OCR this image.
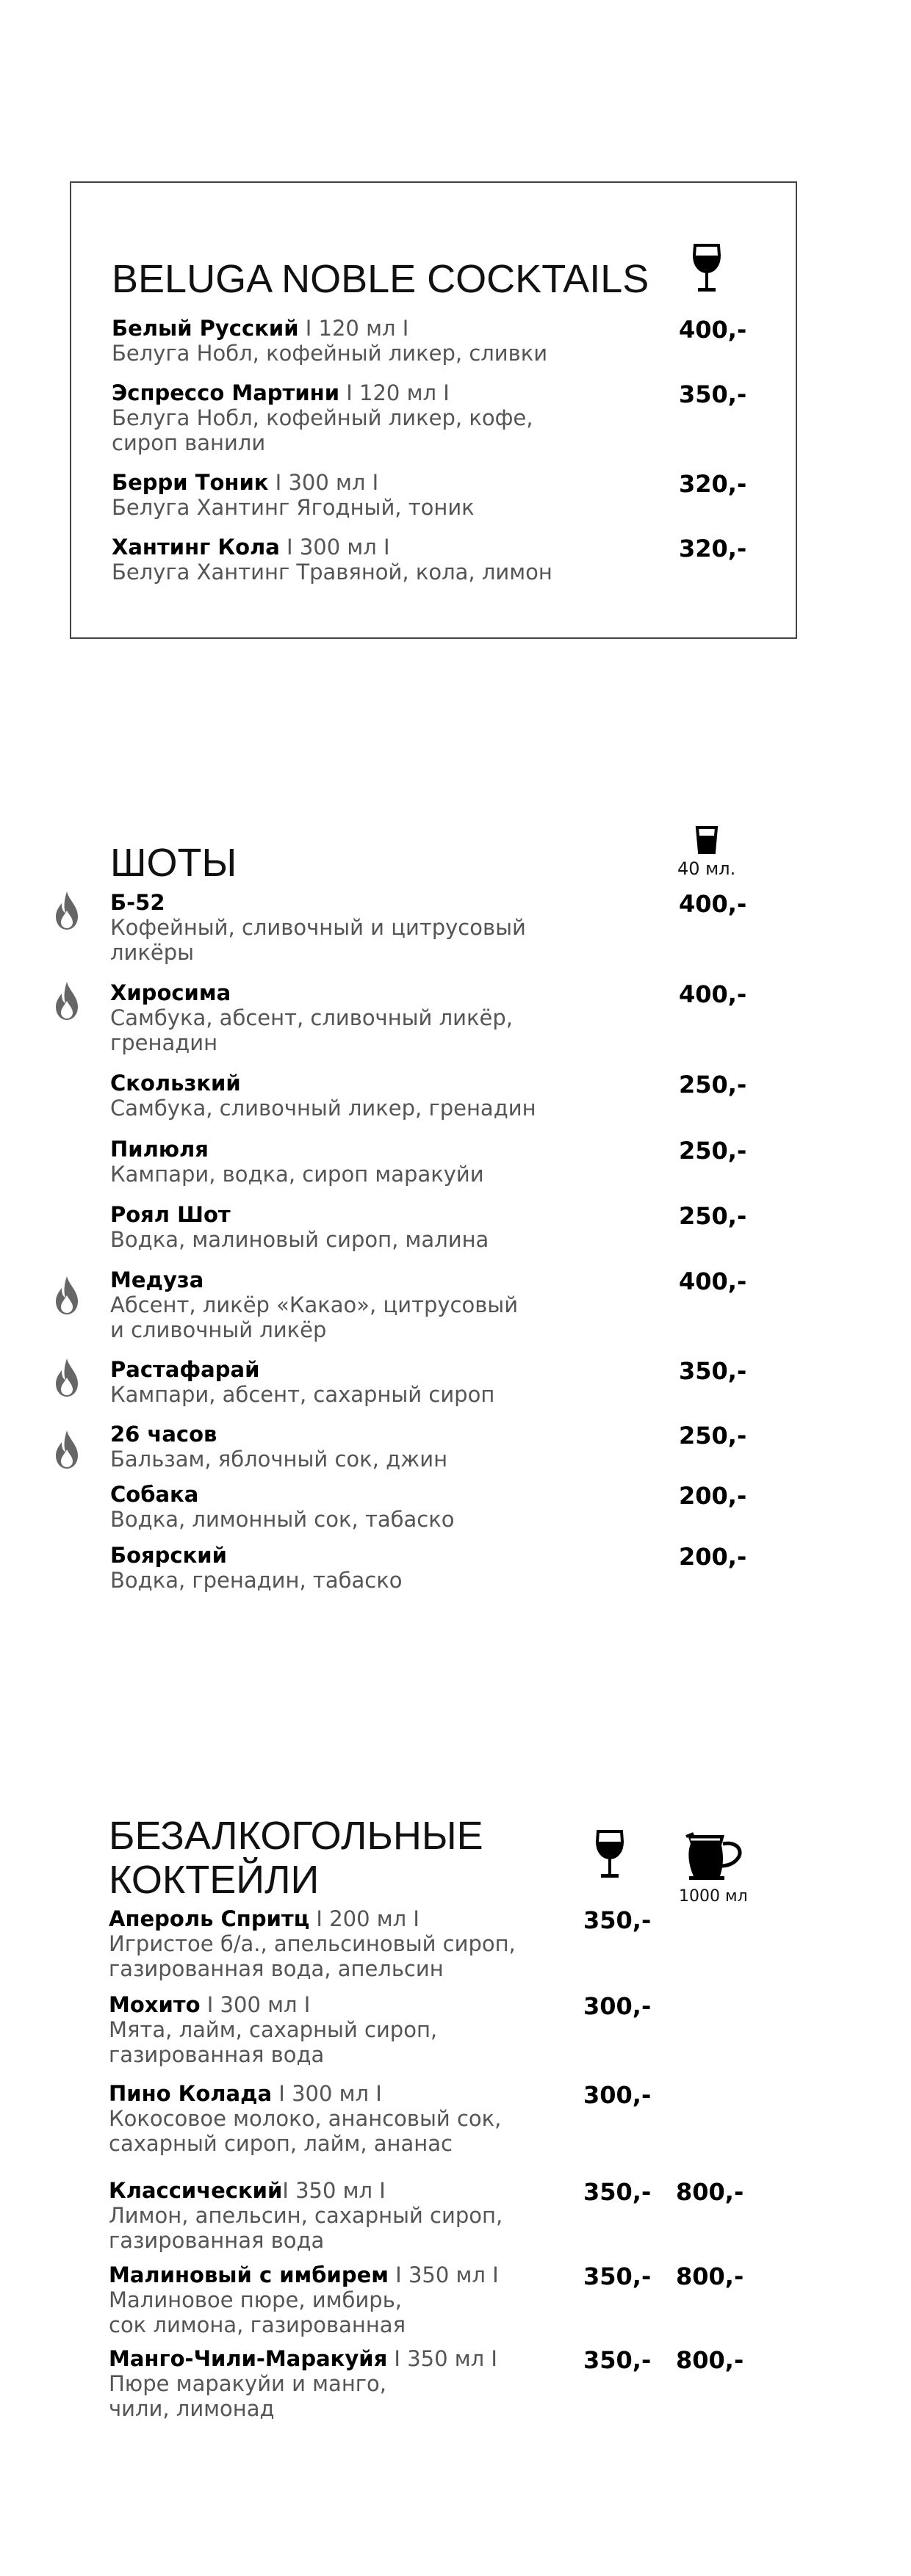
BELUGA NOBLE COCKTAILS
ШОТЫ	40 мл.
БЕЗАЛКОГОЛЬНЫЕ
КОКТЕЙЛИ	1000 мл
Белый Русский I 120 мл I
Белуга Нобл, кофейный ликер, сливки
400,-
Эспрессо Мартини I 120 мл I
Белуга Нобл, кофейный ликер, кофе,
сироп ванили
350,-
Берри Тоник I 300 мл I
Белуга Хантинг Ягодный, тоник
320,-
Хантинг Кола I 300 мл I
Белуга Хантинг Травяной, кола, лимон
320,-
Б-52
Кофейный, сливочный и цитрусовый
ликёры
400,-
Хиросима
Самбука, абсент, сливочный ликёр,
гренадин
400,-
Скользкий
Самбука, сливочный ликер, гренадин
250,-
Пилюля
Кампари, водка, сироп маракуйи
250,-
Роял Шот
Водка, малиновый сироп, малина
250,-
Медуза
Абсент, ликёр «Какао», цитрусовый
и сливочный ликёр
400,-
Растафарай
Кампари, абсент, сахарный сироп
350,-
26 часов
Бальзам, яблочный сок, джин
250,-
Собака
Водка, лимонный сок, табаско
200,-
Боярский
Водка, гренадин, табаско
200,-
Апероль Спритц I 200 мл I
Игристое б/а., апельсиновый сироп,
газированная вода, апельсин
350,-
Мохито I 300 мл I
Мята, лайм, сахарный сироп,
газированная вода
300,-
Пино Колада I 300 мл I
Кокосовое молоко, анансовый сок,
сахарный сироп, лайм, ананас
300,-
КлассическийI 350 мл I
Лимон, апельсин, сахарный сироп,
газированная вода
350,- 800,-
Малиновый с имбирем I 350 мл I
Малиновое пюре, имбирь,
сок лимона, газированная
350,- 800,-
Манго-Чили-Маракуйя I 350 мл I
Пюре маракуйи и манго,
чили, лимонад
350,- 800,-
